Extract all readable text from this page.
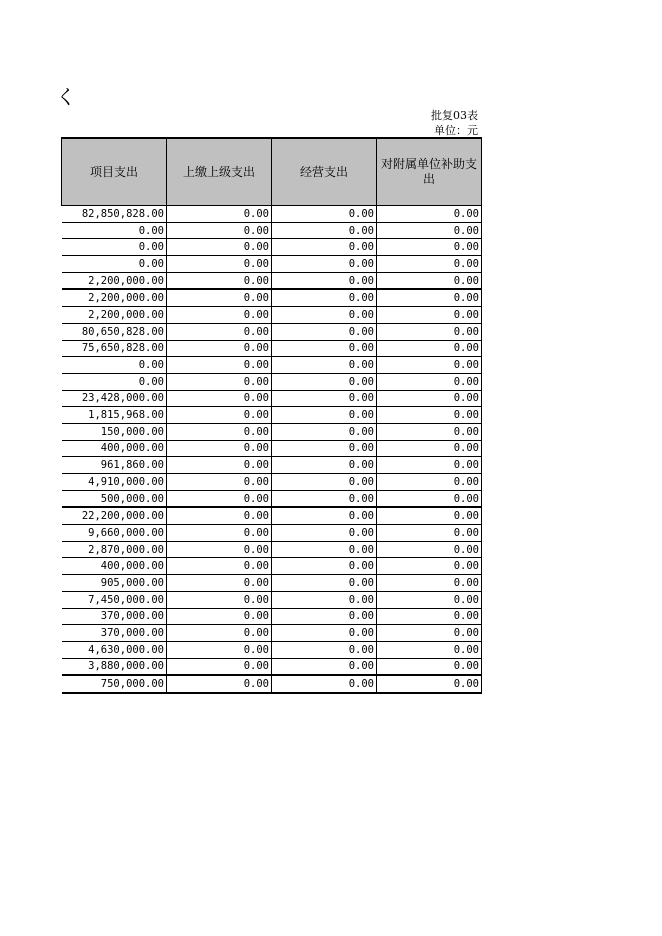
く
批复03表
单位：元
项目支出	上缴上级支出	经营支出	对附属单位补助支出
82,850,828.00	0.00	0.00	0.00
0.00	0.00	0.00	0.00
0.00	0.00	0.00	0.00
0.00	0.00	0.00	0.00
2,200,000.00	0.00	0.00	0.00
2,200,000.00	0.00	0.00	0.00
2,200,000.00	0.00	0.00	0.00
80,650,828.00	0.00	0.00	0.00
75,650,828.00	0.00	0.00	0.00
0.00	0.00	0.00	0.00
0.00	0.00	0.00	0.00
23,428,000.00	0.00	0.00	0.00
1,815,968.00	0.00	0.00	0.00
150,000.00	0.00	0.00	0.00
400,000.00	0.00	0.00	0.00
961,860.00	0.00	0.00	0.00
4,910,000.00	0.00	0.00	0.00
500,000.00	0.00	0.00	0.00
22,200,000.00	0.00	0.00	0.00
9,660,000.00	0.00	0.00	0.00
2,870,000.00	0.00	0.00	0.00
400,000.00	0.00	0.00	0.00
905,000.00	0.00	0.00	0.00
7,450,000.00	0.00	0.00	0.00
370,000.00	0.00	0.00	0.00
370,000.00	0.00	0.00	0.00
4,630,000.00	0.00	0.00	0.00
3,880,000.00	0.00	0.00	0.00
750,000.00	0.00	0.00	0.00
